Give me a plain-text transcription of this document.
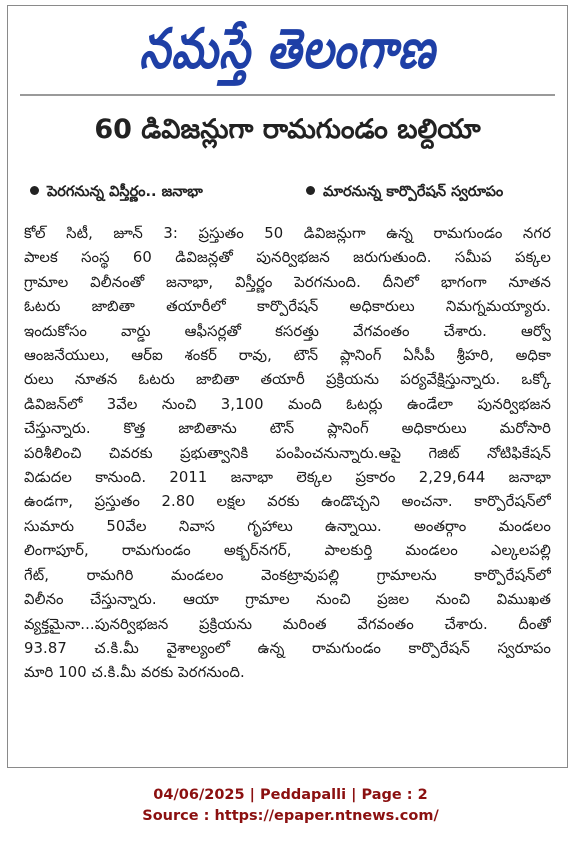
నమస్తే తెలంగాణ
60 డివిజన్లుగా రామగుండం బల్దియా
పెరగనున్న విస్తీర్ణం.. జనాభా	మారనున్న కార్పొరేషన్ స్వరూపం

కోల్ సిటీ, జూన్ 3: ప్రస్తుతం 50 డివిజన్లుగా ఉన్న రామగుండం నగర

పాలక సంస్థ 60 డివిజన్లతో పునర్విభజన జరుగుతుంది. సమీప పక్కల

గ్రామాల విలీనంతో జనాభా, విస్తీర్ణం పెరగనుంది. దీనిలో భాగంగా నూతన

ఓటరు జాబితా తయారీలో కార్పొరేషన్ అధికారులు నిమగ్నమయ్యారు.

ఇందుకోసం వార్డు ఆఫీసర్లతో కసరత్తు వేగవంతం చేశారు. ఆర్వో

ఆంజనేయులు, ఆర్ఐ శంకర్ రావు, టౌన్ ప్లానింగ్ ఏసీపీ శ్రీహరి, అధికా

రులు నూతన ఓటరు జాబితా తయారీ ప్రక్రియను పర్యవేక్షిస్తున్నారు. ఒక్కో

డివిజన్‌లో 3వేల నుంచి 3,100 మంది ఓటర్లు ఉండేలా పునర్విభజన

చేస్తున్నారు. కొత్త జాబితాను టౌన్ ప్లానింగ్ అధికారులు మరోసారి

పరిశీలించి చివరకు ప్రభుత్వానికి పంపించనున్నారు.ఆపై గెజిట్ నోటిఫికేషన్

విడుదల కానుంది. 2011 జనాభా లెక్కల ప్రకారం 2,29,644 జనాభా

ఉండగా, ప్రస్తుతం 2.80 లక్షల వరకు ఉండొచ్చని అంచనా. కార్పొరేషన్‌లో

సుమారు 50వేల నివాస గృహాలు ఉన్నాయి. అంతర్గాం మండలం

లింగాపూర్, రామగుండం అక్బర్‌నగర్, పాలకుర్తి మండలం ఎల్కలపల్లి

గేట్, రామగిరి మండలం వెంకట్రావుపల్లి గ్రామాలను కార్పొరేషన్‌లో

విలీనం చేస్తున్నారు. ఆయా గ్రామాల నుంచి ప్రజల నుంచి విముఖత

వ్యక్తమైనా...పునర్విభజన ప్రక్రియను మరింత వేగవంతం చేశారు. దీంతో

93.87 చ.కి.మీ వైశాల్యంలో ఉన్న రామగుండం కార్పొరేషన్ స్వరూపం

మారి 100 చ.కి.మీ వరకు పెరగనుంది.

04/06/2025 | Peddapalli | Page : 2
Source : https://epaper.ntnews.com/
